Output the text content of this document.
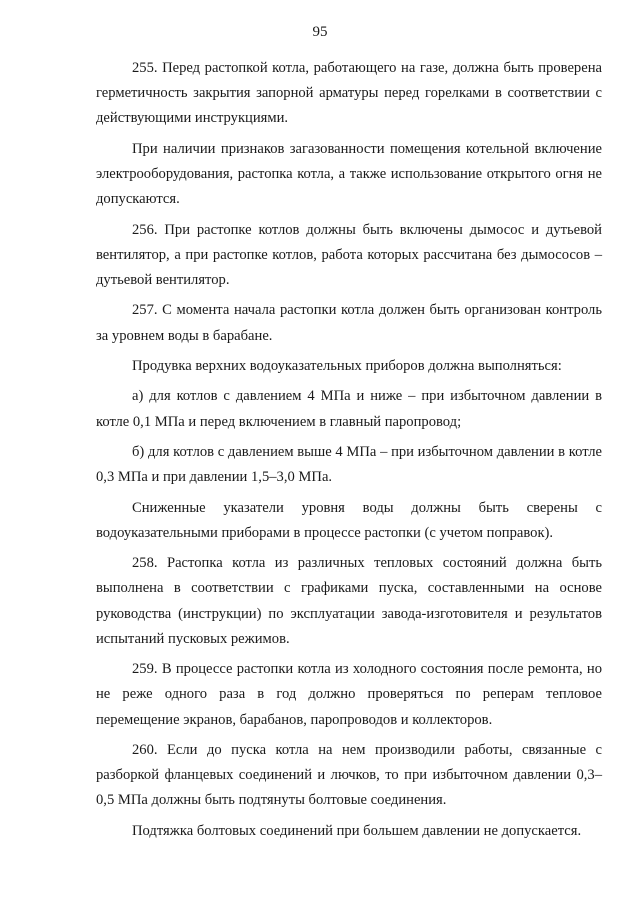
95

255. Перед растопкой котла, работающего на газе, должна быть проверена герметичность закрытия запорной арматуры перед горелками в соответствии с действующими инструкциями.

При наличии признаков загазованности помещения котельной включение электрооборудования, растопка котла, а также использование открытого огня не допускаются.

256. При растопке котлов должны быть включены дымосос и дутьевой вентилятор, а при растопке котлов, работа которых рассчитана без дымососов – дутьевой вентилятор.

257. С момента начала растопки котла должен быть организован контроль за уровнем воды в барабане.

Продувка верхних водоуказательных приборов должна выполняться:

а) для котлов с давлением 4 МПа и ниже – при избыточном давлении в котле 0,1 МПа и перед включением в главный паропровод;

б) для котлов с давлением выше 4 МПа – при избыточном давлении в котле 0,3 МПа и при давлении 1,5–3,0 МПа.

Сниженные указатели уровня воды должны быть сверены с водоуказательными приборами в процессе растопки (с учетом поправок).

258. Растопка котла из различных тепловых состояний должна быть выполнена в соответствии с графиками пуска, составленными на основе руководства (инструкции) по эксплуатации завода-изготовителя и результатов испытаний пусковых режимов.

259. В процессе растопки котла из холодного состояния после ремонта, но не реже одного раза в год должно проверяться по реперам тепловое перемещение экранов, барабанов, паропроводов и коллекторов.

260. Если до пуска котла на нем производили работы, связанные с разборкой фланцевых соединений и лючков, то при избыточном давлении 0,3–0,5 МПа должны быть подтянуты болтовые соединения.

Подтяжка болтовых соединений при большем давлении не допускается.
